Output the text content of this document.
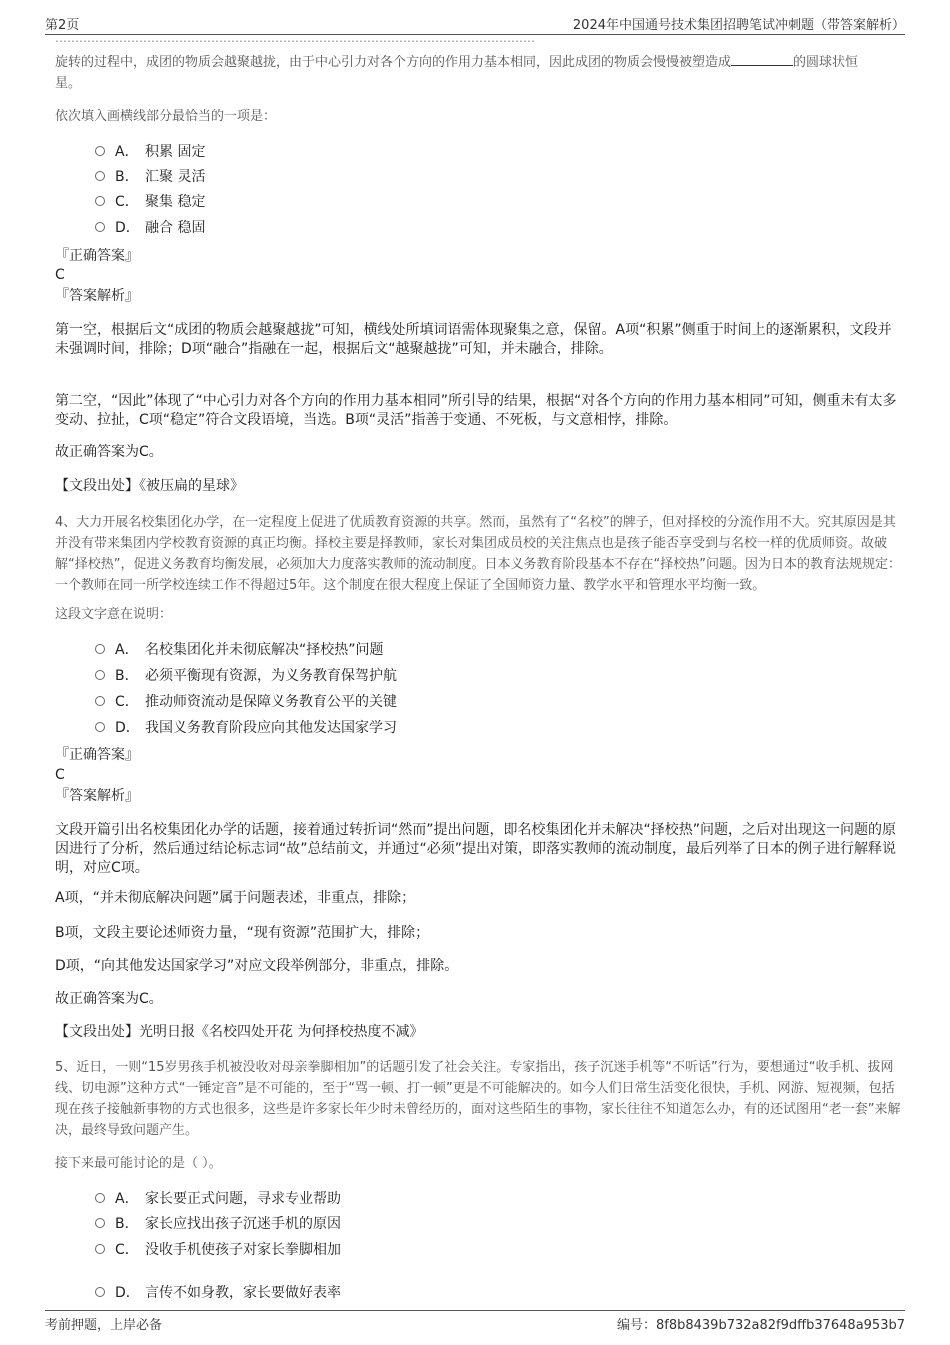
第2页	2024年中国通号技术集团招聘笔试冲刺题（带答案解析）
…………………………………………………………………………………………………………
旋转的过程中，成团的物质会越聚越拢，由于中心引力对各个方向的作用力基本相同，因此成团的物质会慢慢被塑造成	的圆球状恒
星。
依次填入画横线部分最恰当的一项是：
A． 积累 固定
B． 汇聚 灵活
C． 聚集 稳定
D． 融合 稳固
『正确答案』
C
『答案解析』
第一空，根据后文“成团的物质会越聚越拢”可知，横线处所填词语需体现聚集之意，保留。A项“积累”侧重于时间上的逐渐累积，文段并未强调时间，排除；D项“融合”指融在一起，根据后文“越聚越拢”可知，并未融合，排除。
第二空，“因此”体现了“中心引力对各个方向的作用力基本相同”所引导的结果，根据“对各个方向的作用力基本相同”可知，侧重未有太多变动、拉扯，C项“稳定”符合文段语境，当选。B项“灵活”指善于变通、不死板，与文意相悖，排除。
故正确答案为C。
【文段出处】《被压扁的星球》
4、大力开展名校集团化办学，在一定程度上促进了优质教育资源的共享。然而，虽然有了“名校”的牌子，但对择校的分流作用不大。究其原因是其并没有带来集团内学校教育资源的真正均衡。择校主要是择教师，家长对集团成员校的关注焦点也是孩子能否享受到与名校一样的优质师资。故破解“择校热”，促进义务教育均衡发展，必须加大力度落实教师的流动制度。日本义务教育阶段基本不存在“择校热”问题。因为日本的教育法规规定：一个教师在同一所学校连续工作不得超过5年。这个制度在很大程度上保证了全国师资力量、教学水平和管理水平均衡一致。
这段文字意在说明：
A． 名校集团化并未彻底解决“择校热”问题
B． 必须平衡现有资源，为义务教育保驾护航
C． 推动师资流动是保障义务教育公平的关键
D． 我国义务教育阶段应向其他发达国家学习
『正确答案』
C
『答案解析』
文段开篇引出名校集团化办学的话题，接着通过转折词“然而”提出问题，即名校集团化并未解决“择校热”问题，之后对出现这一问题的原因进行了分析，然后通过结论标志词“故”总结前文，并通过“必须”提出对策，即落实教师的流动制度，最后列举了日本的例子进行解释说明，对应C项。
A项，“并未彻底解决问题”属于问题表述，非重点，排除；
B项，文段主要论述师资力量，“现有资源”范围扩大，排除；
D项，“向其他发达国家学习”对应文段举例部分，非重点，排除。
故正确答案为C。
【文段出处】光明日报《名校四处开花 为何择校热度不减》
5、近日，一则“15岁男孩手机被没收对母亲拳脚相加”的话题引发了社会关注。专家指出，孩子沉迷手机等“不听话”行为，要想通过“收手机、拔网线、切电源”这种方式“一锤定音”是不可能的，至于“骂一顿、打一顿”更是不可能解决的。如今人们日常生活变化很快，手机、网游、短视频，包括现在孩子接触新事物的方式也很多，这些是许多家长年少时未曾经历的，面对这些陌生的事物，家长往往不知道怎么办，有的还试图用“老一套”来解决，最终导致问题产生。
接下来最可能讨论的是（ ）。
A． 家长要正式问题，寻求专业帮助
B． 家长应找出孩子沉迷手机的原因
C． 没收手机使孩子对家长拳脚相加
D． 言传不如身教，家长要做好表率
考前押题，上岸必备	编号：8f8b8439b732a82f9dffb37648a953b7
